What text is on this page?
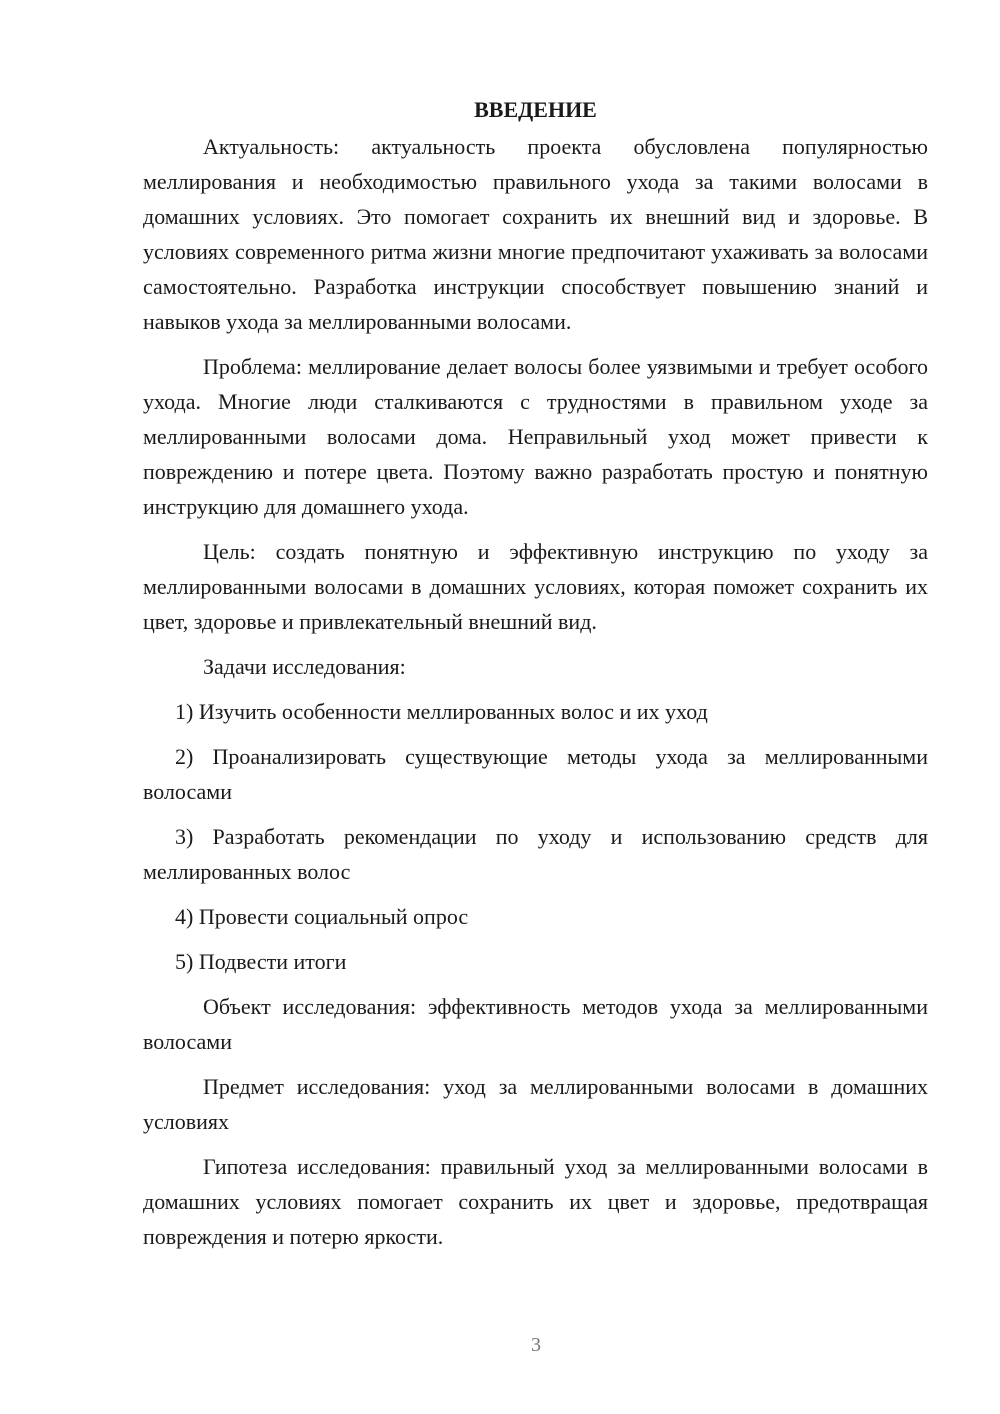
ВВЕДЕНИЕ

Актуальность: актуальность проекта обусловлена популярностью меллирования и необходимостью правильного ухода за такими волосами в домашних условиях. Это помогает сохранить их внешний вид и здоровье. В условиях современного ритма жизни многие предпочитают ухаживать за волосами самостоятельно. Разработка инструкции способствует повышению знаний и навыков ухода за меллированными волосами.

Проблема: меллирование делает волосы более уязвимыми и требует особого ухода. Многие люди сталкиваются с трудностями в правильном уходе за меллированными волосами дома. Неправильный уход может привести к повреждению и потере цвета. Поэтому важно разработать простую и понятную инструкцию для домашнего ухода.

Цель: создать понятную и эффективную инструкцию по уходу за меллированными волосами в домашних условиях, которая поможет сохранить их цвет, здоровье и привлекательный внешний вид.

Задачи исследования:

1) Изучить особенности меллированных волос и их уход

2) Проанализировать существующие методы ухода за меллированными волосами

3) Разработать рекомендации по уходу и использованию средств для меллированных волос

4) Провести социальный опрос

5) Подвести итоги

Объект исследования: эффективность методов ухода за меллированными волосами

Предмет исследования: уход за меллированными волосами в домашних условиях

Гипотеза исследования: правильный уход за меллированными волосами в домашних условиях помогает сохранить их цвет и здоровье, предотвращая повреждения и потерю яркости.

3
